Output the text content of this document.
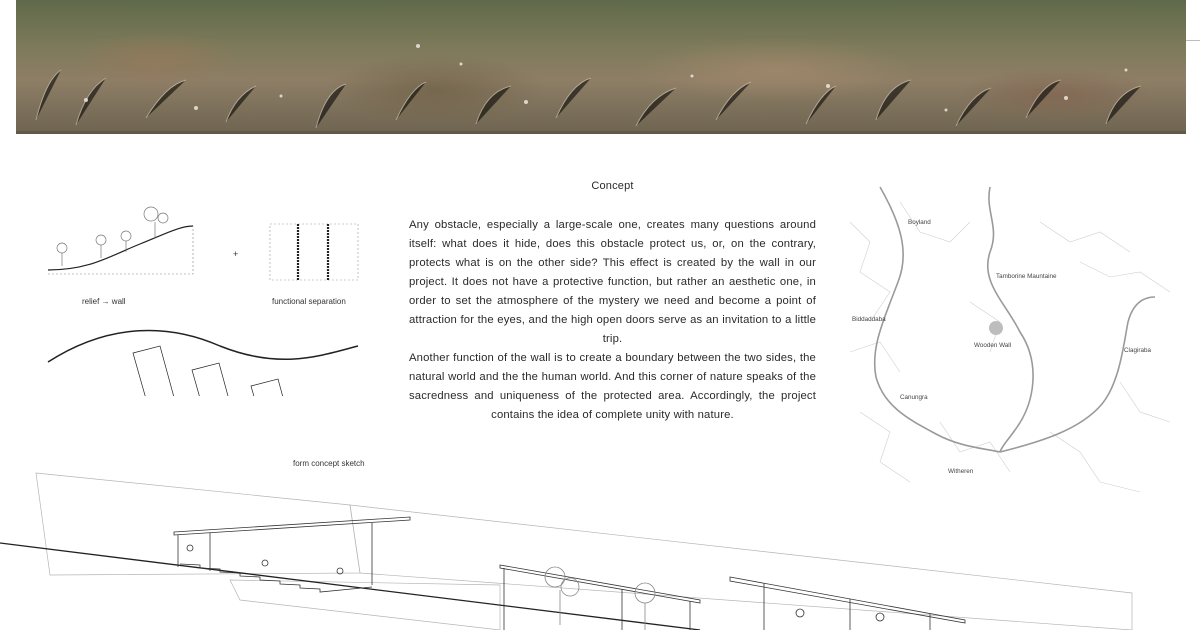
+
relief → wall	functional separation
form concept sketch
Concept
Any obstacle, especially a large-scale one, creates many questions around itself: what does it hide, does this obstacle protect us, or, on the contrary, protects what is on the other side? This effect is created by the wall in our project. It does not have a protective function, but rather an aesthetic one, in order to set the atmosphere of the mystery we need and become a point of attraction for the eyes, and the high open doors serve as an invitation to a little trip.
Another function of the wall is to create a boundary between the two sides, the natural world and the the human world. And this corner of nature speaks of the sacredness and uniqueness of the protected area. Accordingly, the project contains the idea of complete unity with nature.
Boyland
Tamborine Mauntaine
Biddaddaba
Wooden Wall
Clagiraba
Canungra
Witheren
